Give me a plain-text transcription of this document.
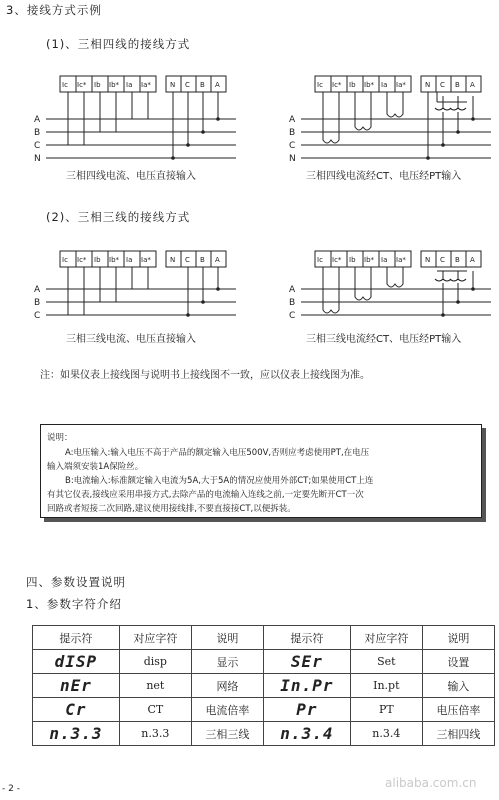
3、接线方式示例
(1)、三相四线的接线方式
Ic Ic* Ib Ib* Ia Ia*	N C B A
A
B
C
N
三相四线电流、电压直接输入
Ic Ic* Ib Ib* Ia Ia*	N C B A
A
B
C
N
三相四线电流经CT、电压经PT输入
(2)、三相三线的接线方式
Ic Ic* Ib Ib* Ia Ia*	N C B A
A
B
C
三相三线电流、电压直接输入
Ic Ic* Ib Ib* Ia Ia*	N C B A
A
B
C
三相三线电流经CT、电压经PT输入
注：如果仪表上接线图与说明书上接线图不一致，应以仪表上接线图为准。
说明：
A:电压输入:输入电压不高于产品的额定输入电压500V,否则应考虑使用PT,在电压
输入端须安装1A保险丝。
B:电流输入:标准额定输入电流为5A,大于5A的情况应使用外部CT;如果使用CT上连
有其它仪表,接线应采用串接方式,去除产品的电流输入连线之前,一定要先断开CT一次
回路或者短接二次回路,建议使用接线排,不要直接接CT,以便拆装。
四、参数设置说明
1、参数字符介绍
提示符	对应字符	说明	提示符	对应字符	说明
dISP	disp	显示	SEr	Set	设置
nEr	net	网络	In.Pr	In.pt	输入
Cr	CT	电流倍率	Pr	PT	电压倍率
n.3.3	n.3.3	三相三线	n.3.4	n.3.4	三相四线
- 2 -	alibaba.com.cn
